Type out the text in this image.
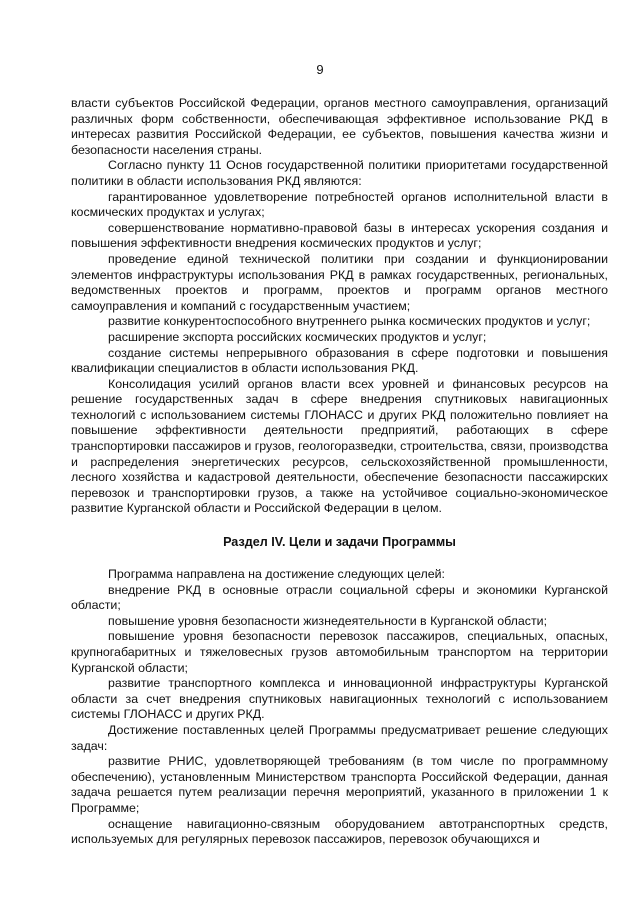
9

власти субъектов Российской Федерации, органов местного самоуправления, организаций различных форм собственности, обеспечивающая эффективное использование РКД в интересах развития Российской Федерации, ее субъектов, повышения качества жизни и безопасности населения страны.

Согласно пункту 11 Основ государственной политики приоритетами государственной политики в области использования РКД являются:

гарантированное удовлетворение потребностей органов исполнительной власти в космических продуктах и услугах;

совершенствование нормативно-правовой базы в интересах ускорения создания и повышения эффективности внедрения космических продуктов и услуг;

проведение единой технической политики при создании и функционировании элементов инфраструктуры использования РКД в рамках государственных, региональных, ведомственных проектов и программ, проектов и программ органов местного самоуправления и компаний с государственным участием;

развитие конкурентоспособного внутреннего рынка космических продуктов и услуг;

расширение экспорта российских космических продуктов и услуг;

создание системы непрерывного образования в сфере подготовки и повышения квалификации специалистов в области использования РКД.

Консолидация усилий органов власти всех уровней и финансовых ресурсов на решение государственных задач в сфере внедрения спутниковых навигационных технологий с использованием системы ГЛОНАСС и других РКД положительно повлияет на повышение эффективности деятельности предприятий, работающих в сфере транспортировки пассажиров и грузов, геологоразведки, строительства, связи, производства и распределения энергетических ресурсов, сельскохозяйственной промышленности, лесного хозяйства и кадастровой деятельности, обеспечение безопасности пассажирских перевозок и транспортировки грузов, а также на устойчивое социально-экономическое развитие Курганской области и Российской Федерации в целом.

Раздел IV. Цели и задачи Программы

Программа направлена на достижение следующих целей:

внедрение РКД в основные отрасли социальной сферы и экономики Курганской области;

повышение уровня безопасности жизнедеятельности в Курганской области;

повышение уровня безопасности перевозок пассажиров, специальных, опасных, крупногабаритных и тяжеловесных грузов автомобильным транспортом на территории Курганской области;

развитие транспортного комплекса и инновационной инфраструктуры Курганской области за счет внедрения спутниковых навигационных технологий с использованием системы ГЛОНАСС и других РКД.

Достижение поставленных целей Программы предусматривает решение следующих задач:

развитие РНИС, удовлетворяющей требованиям (в том числе по программному обеспечению), установленным Министерством транспорта Российской Федерации, данная задача решается путем реализации перечня мероприятий, указанного в приложении 1 к Программе;

оснащение навигационно-связным оборудованием автотранспортных средств, используемых для регулярных перевозок пассажиров, перевозок обучающихся и
